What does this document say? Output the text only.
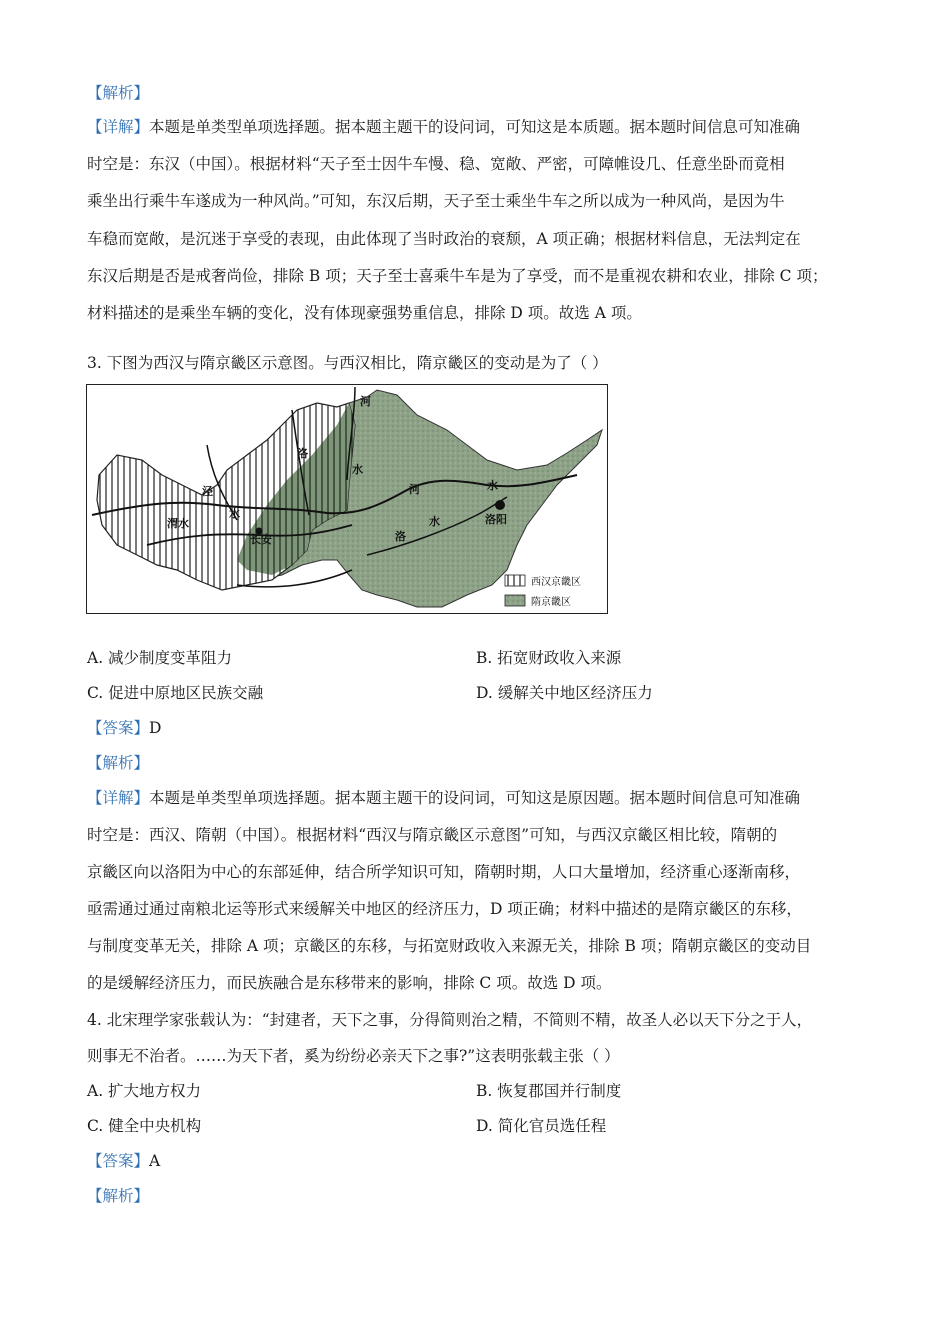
【解析】
【详解】本题是单类型单项选择题。据本题主题干的设问词，可知这是本质题。据本题时间信息可知准确
时空是：东汉（中国）。根据材料“天子至士因牛车慢、稳、宽敞、严密，可障帷设几、任意坐卧而竟相
乘坐出行乘牛车遂成为一种风尚。”可知，东汉后期，天子至士乘坐牛车之所以成为一种风尚，是因为牛
车稳而宽敞，是沉迷于享受的表现，由此体现了当时政治的衰颓，A 项正确；根据材料信息，无法判定在
东汉后期是否是戒奢尚俭，排除 B 项；天子至士喜乘牛车是为了享受，而不是重视农耕和农业，排除 C 项；
材料描述的是乘坐车辆的变化，没有体现豪强势重信息，排除 D 项。故选 A 项。
3. 下图为西汉与隋京畿区示意图。与西汉相比，隋京畿区的变动是为了（ ）
河
洛
水
泾
渭水
水
长安
河	水
洛
水	洛阳
西汉京畿区
隋京畿区
A. 减少制度变革阻力	B. 拓宽财政收入来源
C. 促进中原地区民族交融	D. 缓解关中地区经济压力
【答案】D
【解析】
【详解】本题是单类型单项选择题。据本题主题干的设问词，可知这是原因题。据本题时间信息可知准确
时空是：西汉、隋朝（中国）。根据材料“西汉与隋京畿区示意图”可知，与西汉京畿区相比较，隋朝的
京畿区向以洛阳为中心的东部延伸，结合所学知识可知，隋朝时期，人口大量增加，经济重心逐渐南移，
亟需通过通过南粮北运等形式来缓解关中地区的经济压力，D 项正确；材料中描述的是隋京畿区的东移，
与制度变革无关，排除 A 项；京畿区的东移，与拓宽财政收入来源无关，排除 B 项；隋朝京畿区的变动目
的是缓解经济压力，而民族融合是东移带来的影响，排除 C 项。故选 D 项。
4. 北宋理学家张载认为：“封建者，天下之事，分得简则治之精，不简则不精，故圣人必以天下分之于人，
则事无不治者。……为天下者，奚为纷纷必亲天下之事?”这表明张载主张（ ）
A. 扩大地方权力	B. 恢复郡国并行制度
C. 健全中央机构	D. 简化官员选任程
【答案】A
【解析】
